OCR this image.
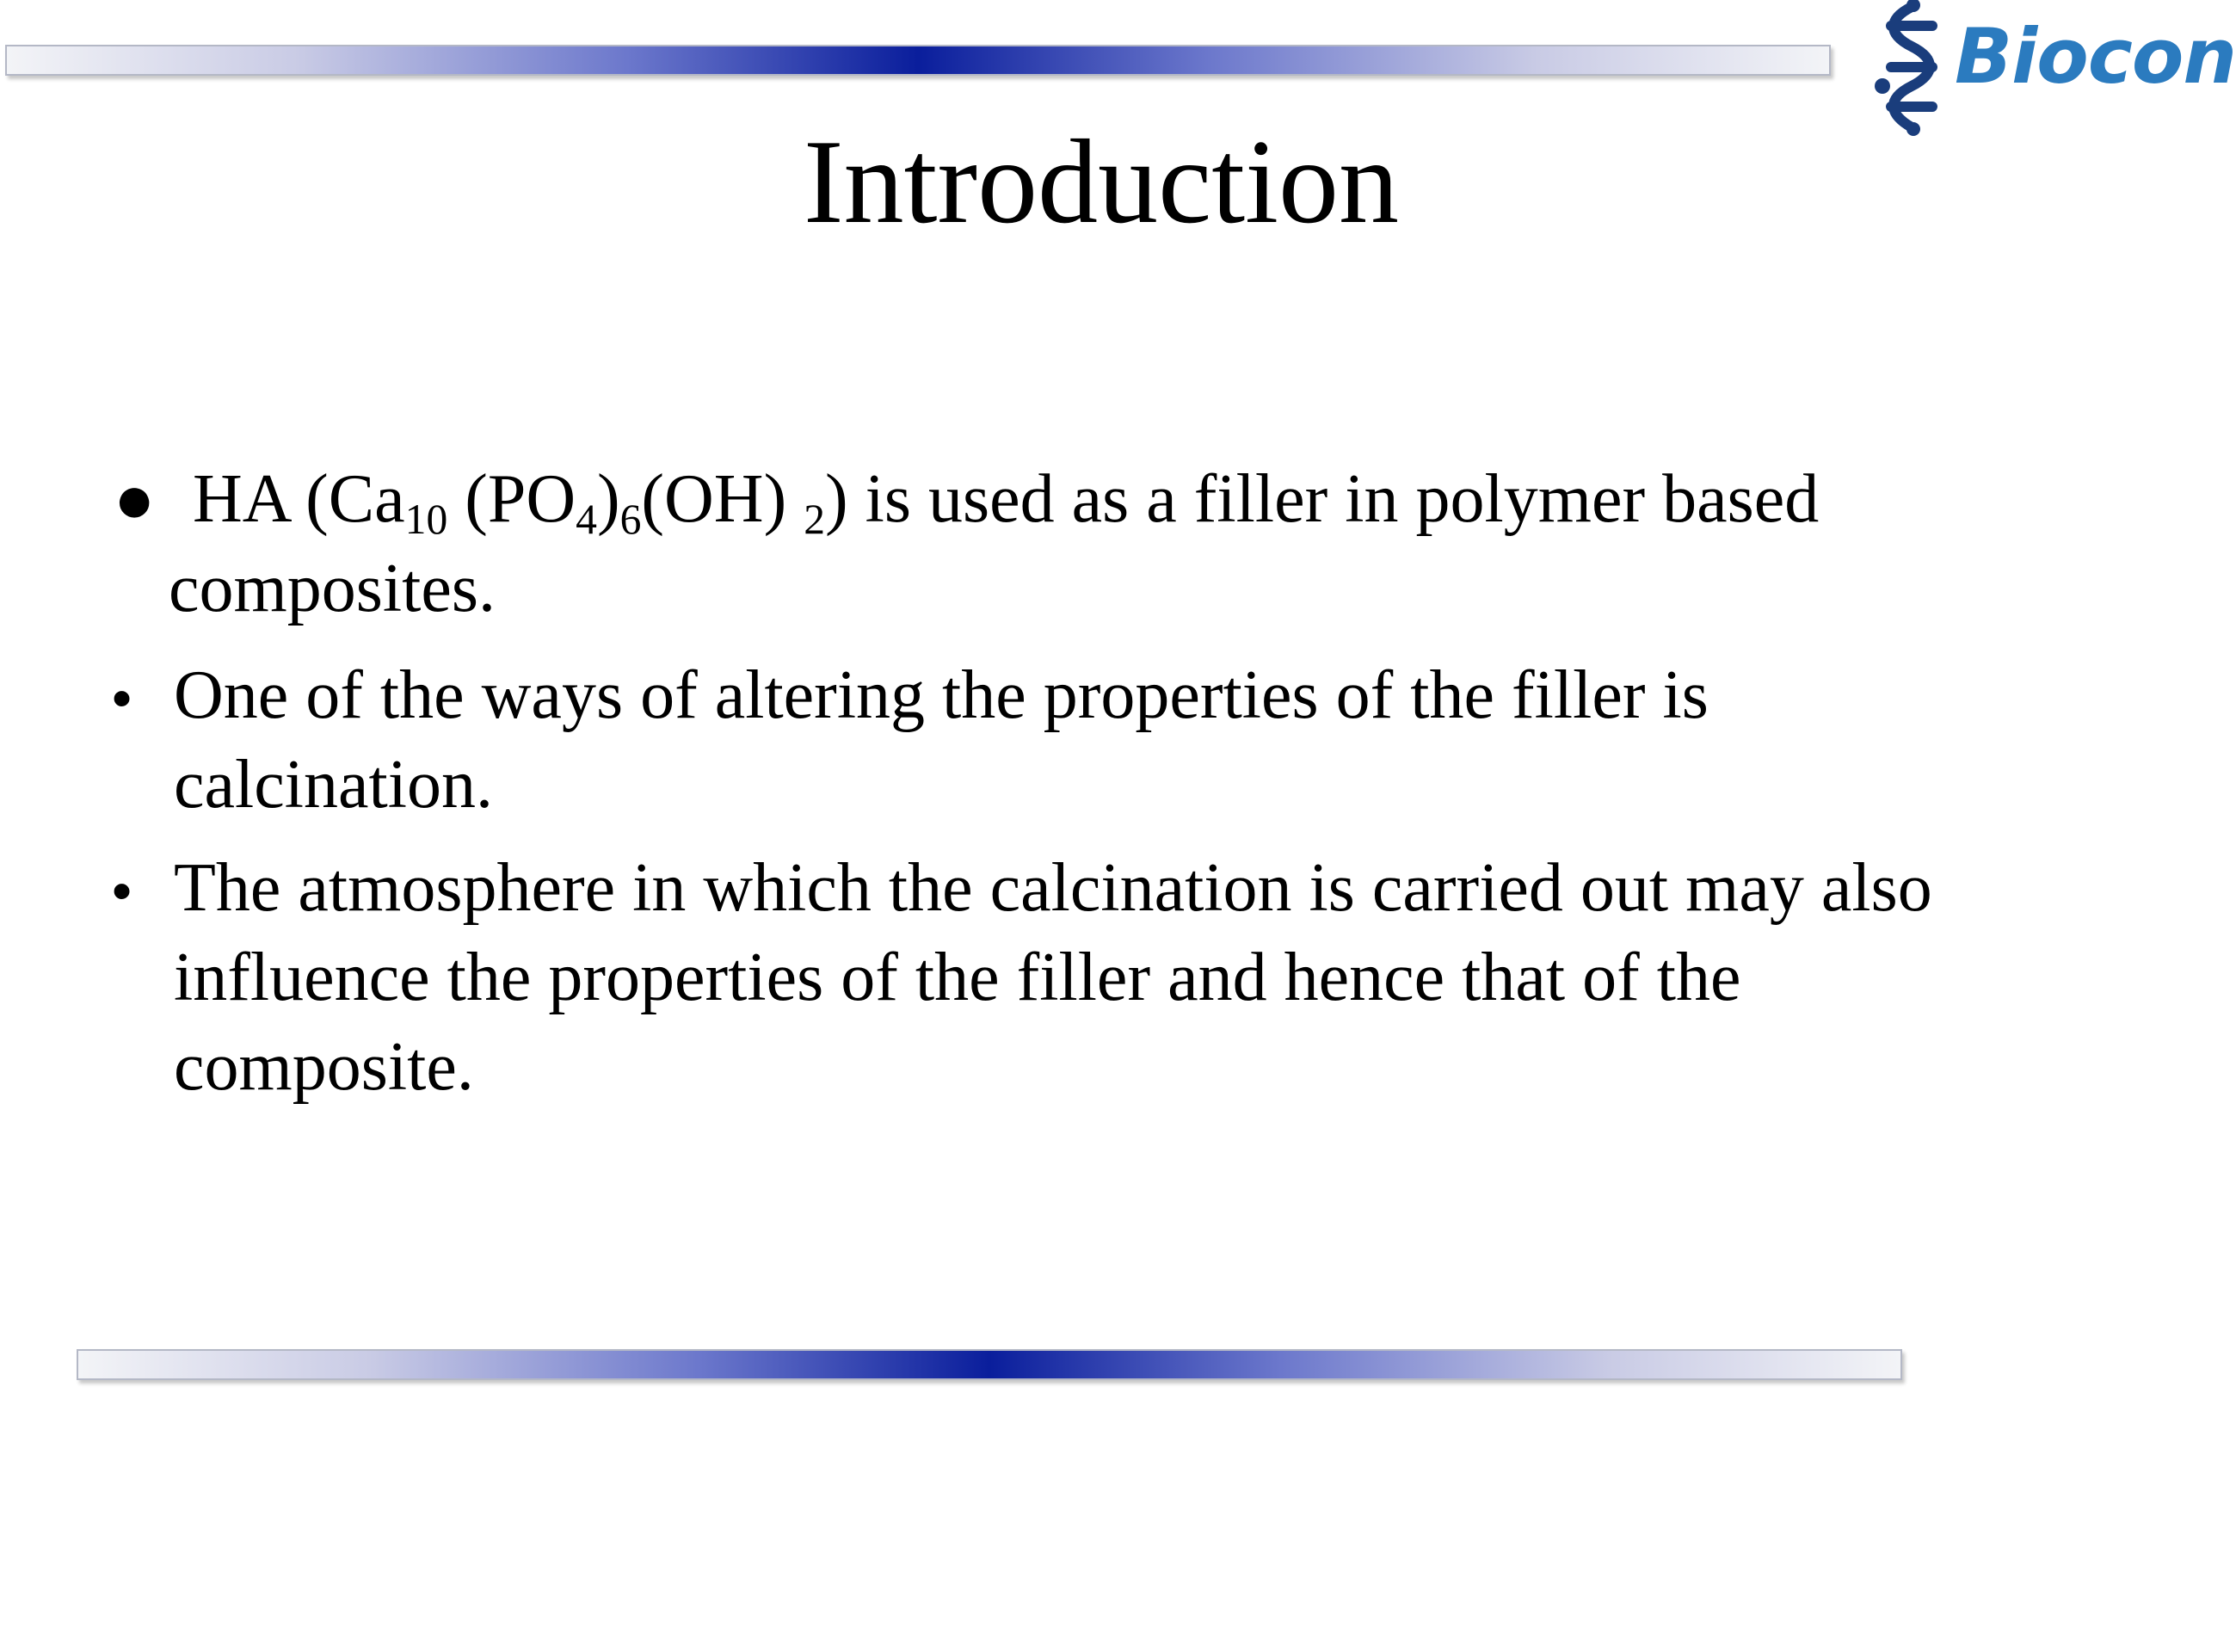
Biocon
Introduction
● HA ($Ca_{10}$ $(PO_4)_6(OH)$ $_2$) is used as a filler in polymer based
composites.
• One of the ways of altering the properties of the filler is
calcination.
• The atmosphere in which the calcination is carried out may also
influence the properties of the filler and hence that of the
composite.
